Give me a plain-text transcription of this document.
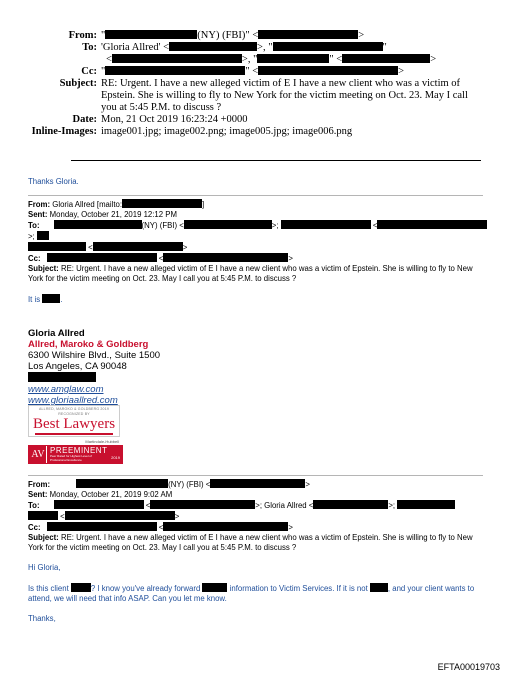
From: "	(NY) (FBI)" <	>
To: 'Gloria Allred' <	>, "	"
<	>, "	" <	>
Cc: "	" <	>
Subject: RE: Urgent. I have a new alleged victim of E I have a new client who was a victim of Epstein. She is willing to fly to New York for the victim meeting on Oct. 23. May I call you at 5:45 P.M. to discuss ?
Date: Mon, 21 Oct 2019 16:23:24 +0000
Inline-Images: image001.jpg; image002.png; image005.jpg; image006.png
Thanks Gloria.
From: Gloria Allred [mailto:	]
Sent: Monday, October 21, 2019 12:12 PM
To:	(NY) (FBI) <	>;	<>;
<	>
Cc:	<	>
Subject: RE: Urgent. I have a new alleged victim of E I have a new client who was a victim of Epstein. She is willing to fly to New York for the victim meeting on Oct. 23. May I call you at 5:45 P.M. to discuss ?
It is	.
Gloria Allred
Allred, Maroko & Goldberg
6300 Wilshire Blvd., Suite 1500
Los Angeles, CA 90048
www.amglaw.com
www.gloriaallred.com
ALLRED, MAROKO & GOLDBERG 2019
RECOGNIZED BY
Best Lawyers
Martindale-Hubbell
AV PREEMINENT
Peer Rated for Highest Level of Professional Excellence	2019
From:	(NY) (FBI) <	>
Sent: Monday, October 21, 2019 9:02 AM
To:	<	>; Gloria Allred <	>;
<	>
Cc:	<	>
Subject: RE: Urgent. I have a new alleged victim of E I have a new client who was a victim of Epstein. She is willing to fly to New York for the victim meeting on Oct. 23. May I call you at 5:45 P.M. to discuss ?
Hi Gloria,
Is this client	? I know you've already forward	information to Victim Services. If it is not	, and your client wants to attend, we will need that info ASAP. Can you let me know.
Thanks,
EFTA00019703
